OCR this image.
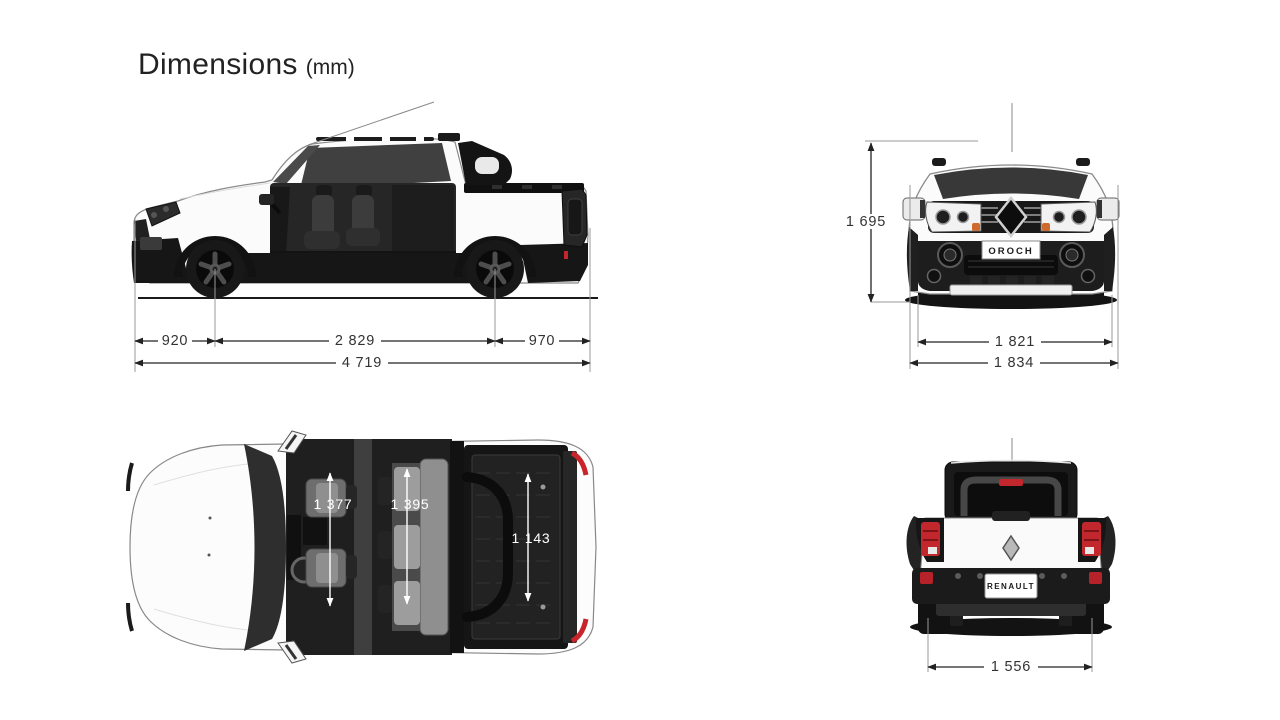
Dimensions (mm)
920	2 829	970
4 719
OROCH
1 695
1 821
1 834
1 377	1 395
1 143
RENAULT
1 556
